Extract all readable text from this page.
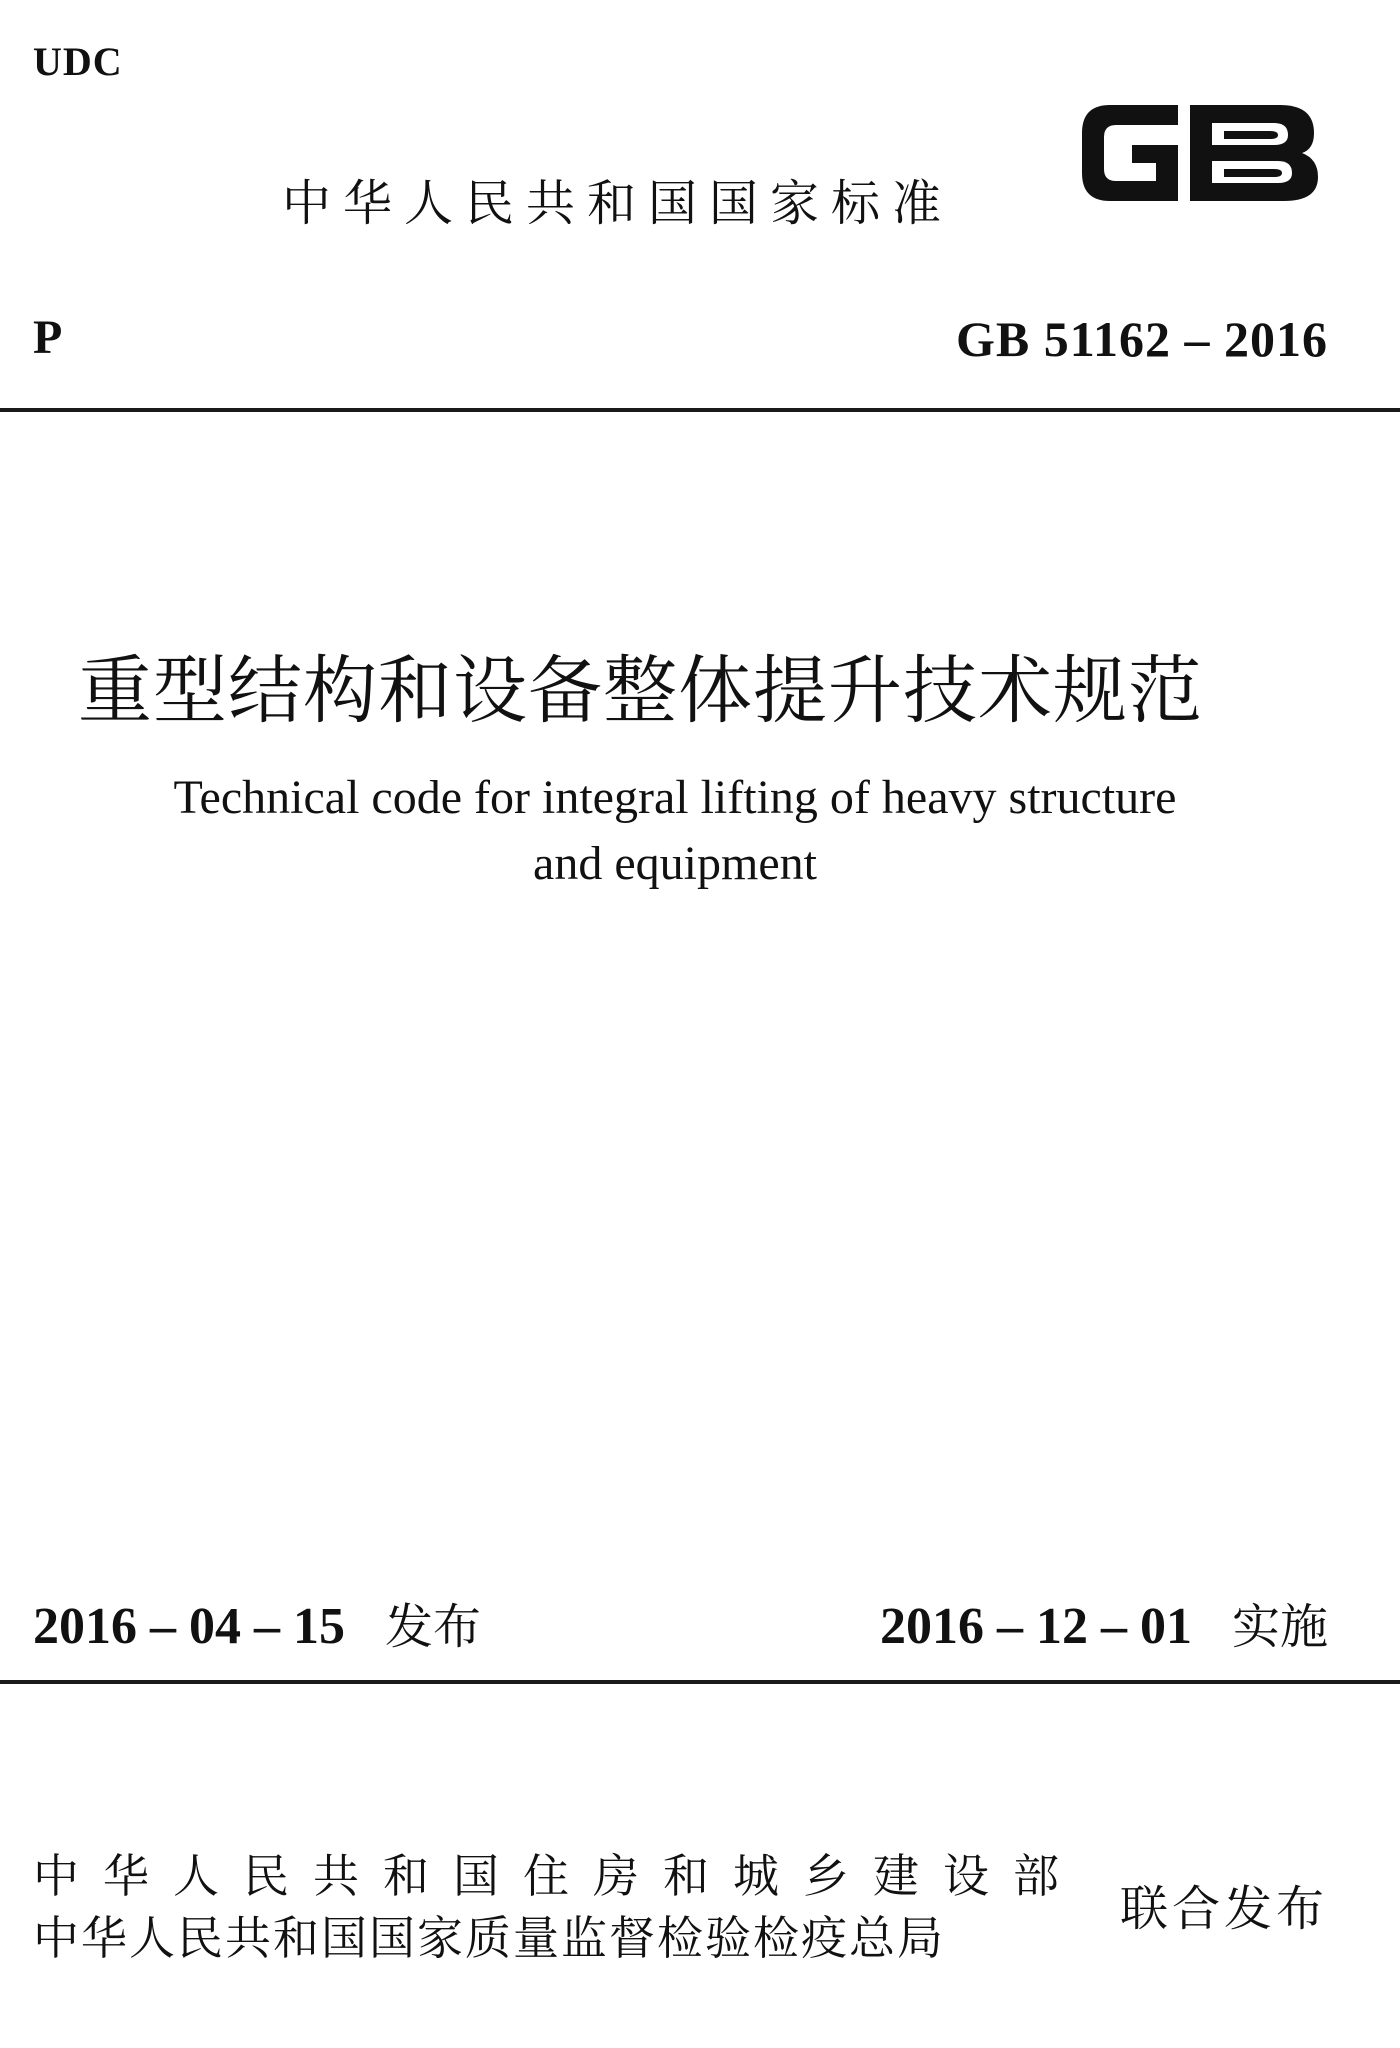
UDC
中华人民共和国国家标准
P	GB 51162 – 2016
重型结构和设备整体提升技术规范
Technical code for integral lifting of heavy structure
and equipment
2016 – 04 – 15 发布	2016 – 12 – 01 实施
中华人民共和国住房和城乡建设部
中华人民共和国国家质量监督检验检疫总局
联合发布
